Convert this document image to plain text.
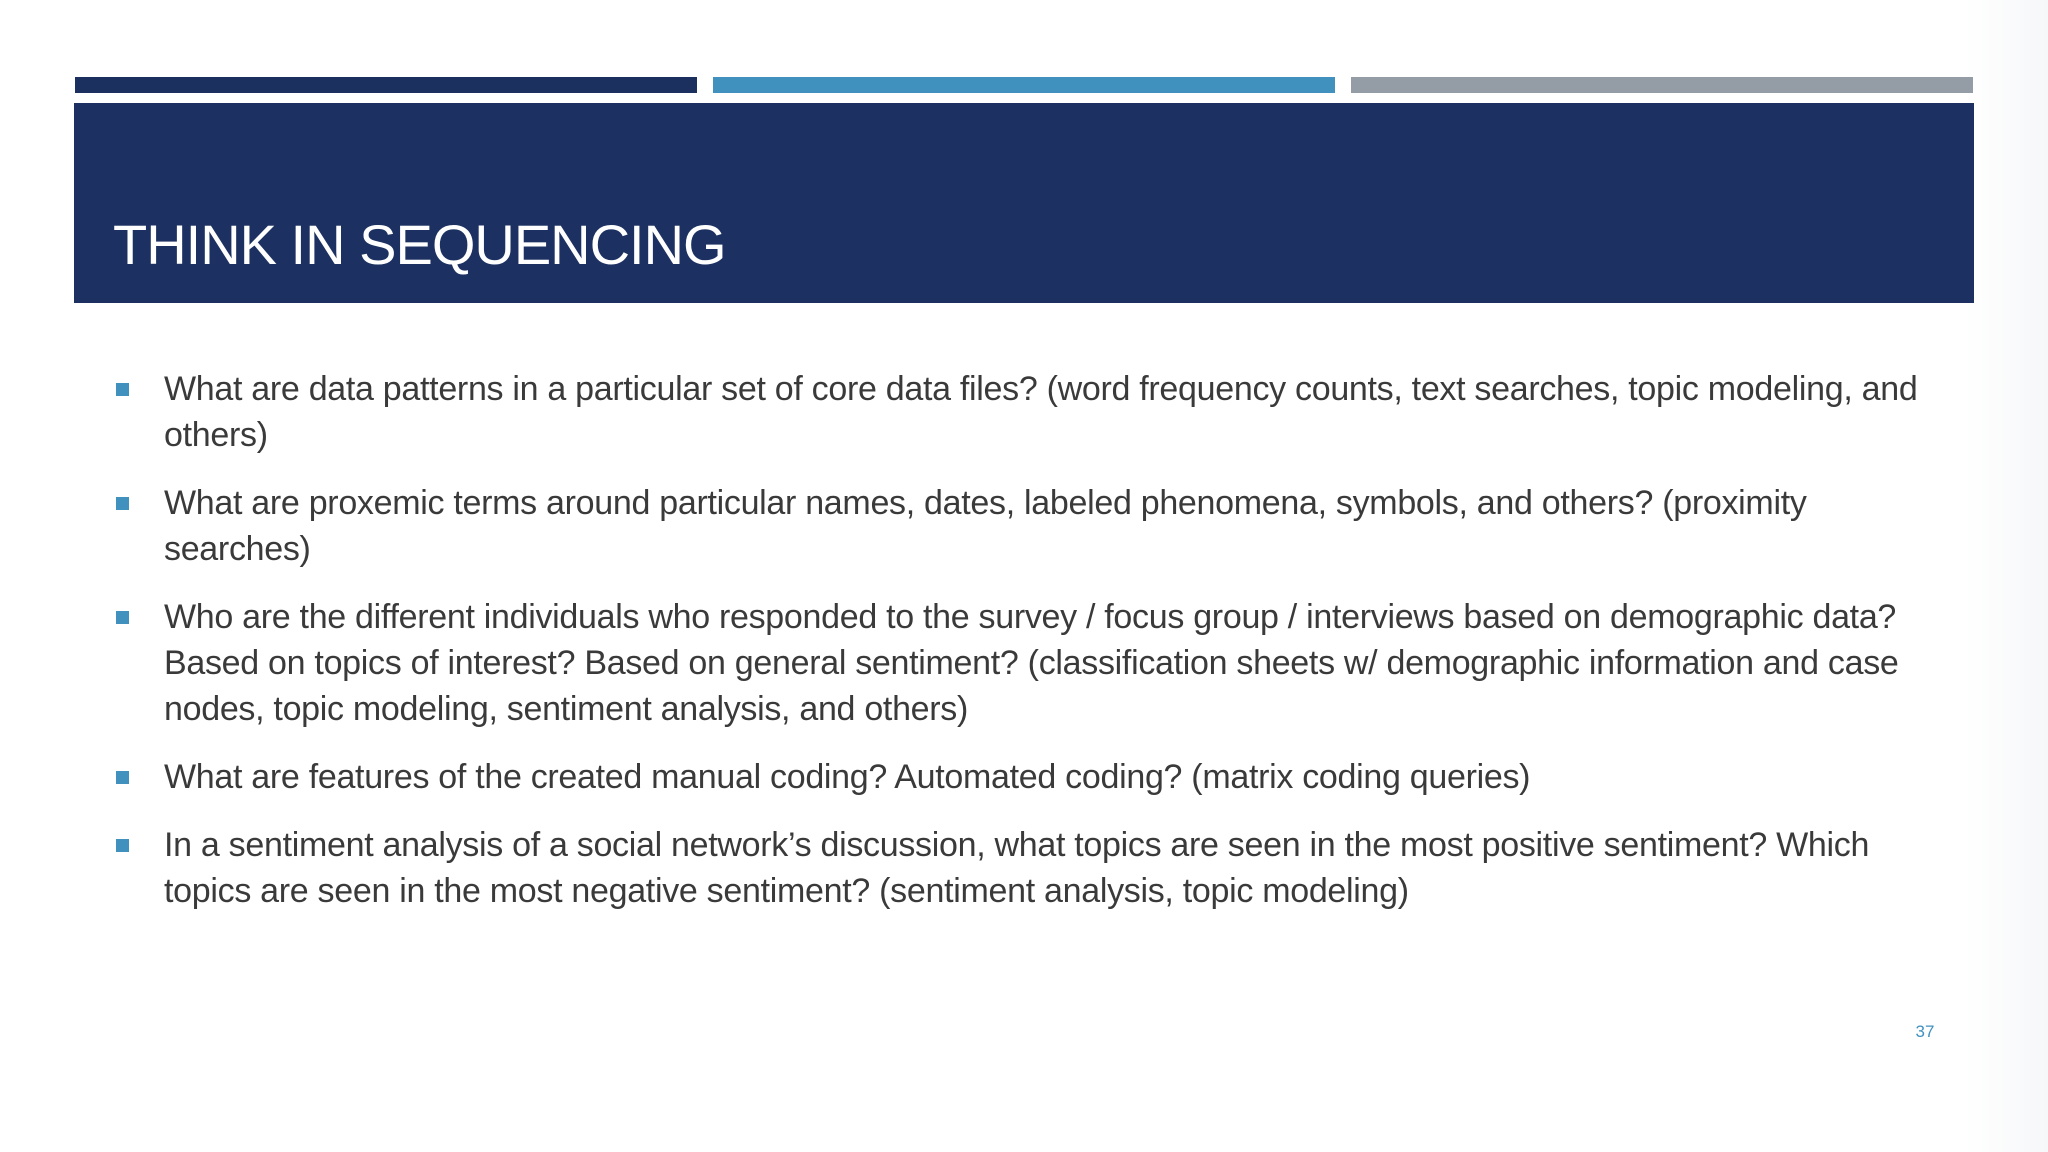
THINK IN SEQUENCING
What are data patterns in a particular set of core data files? (word frequency counts, text searches, topic modeling, and others)
What are proxemic terms around particular names, dates, labeled phenomena, symbols, and others? (proximity searches)
Who are the different individuals who responded to the survey / focus group / interviews based on demographic data? Based on topics of interest? Based on general sentiment? (classification sheets w/ demographic information and case nodes, topic modeling, sentiment analysis, and others)
What are features of the created manual coding? Automated coding? (matrix coding queries)
In a sentiment analysis of a social network’s discussion, what topics are seen in the most positive sentiment? Which topics are seen in the most negative sentiment? (sentiment analysis, topic modeling)
37
